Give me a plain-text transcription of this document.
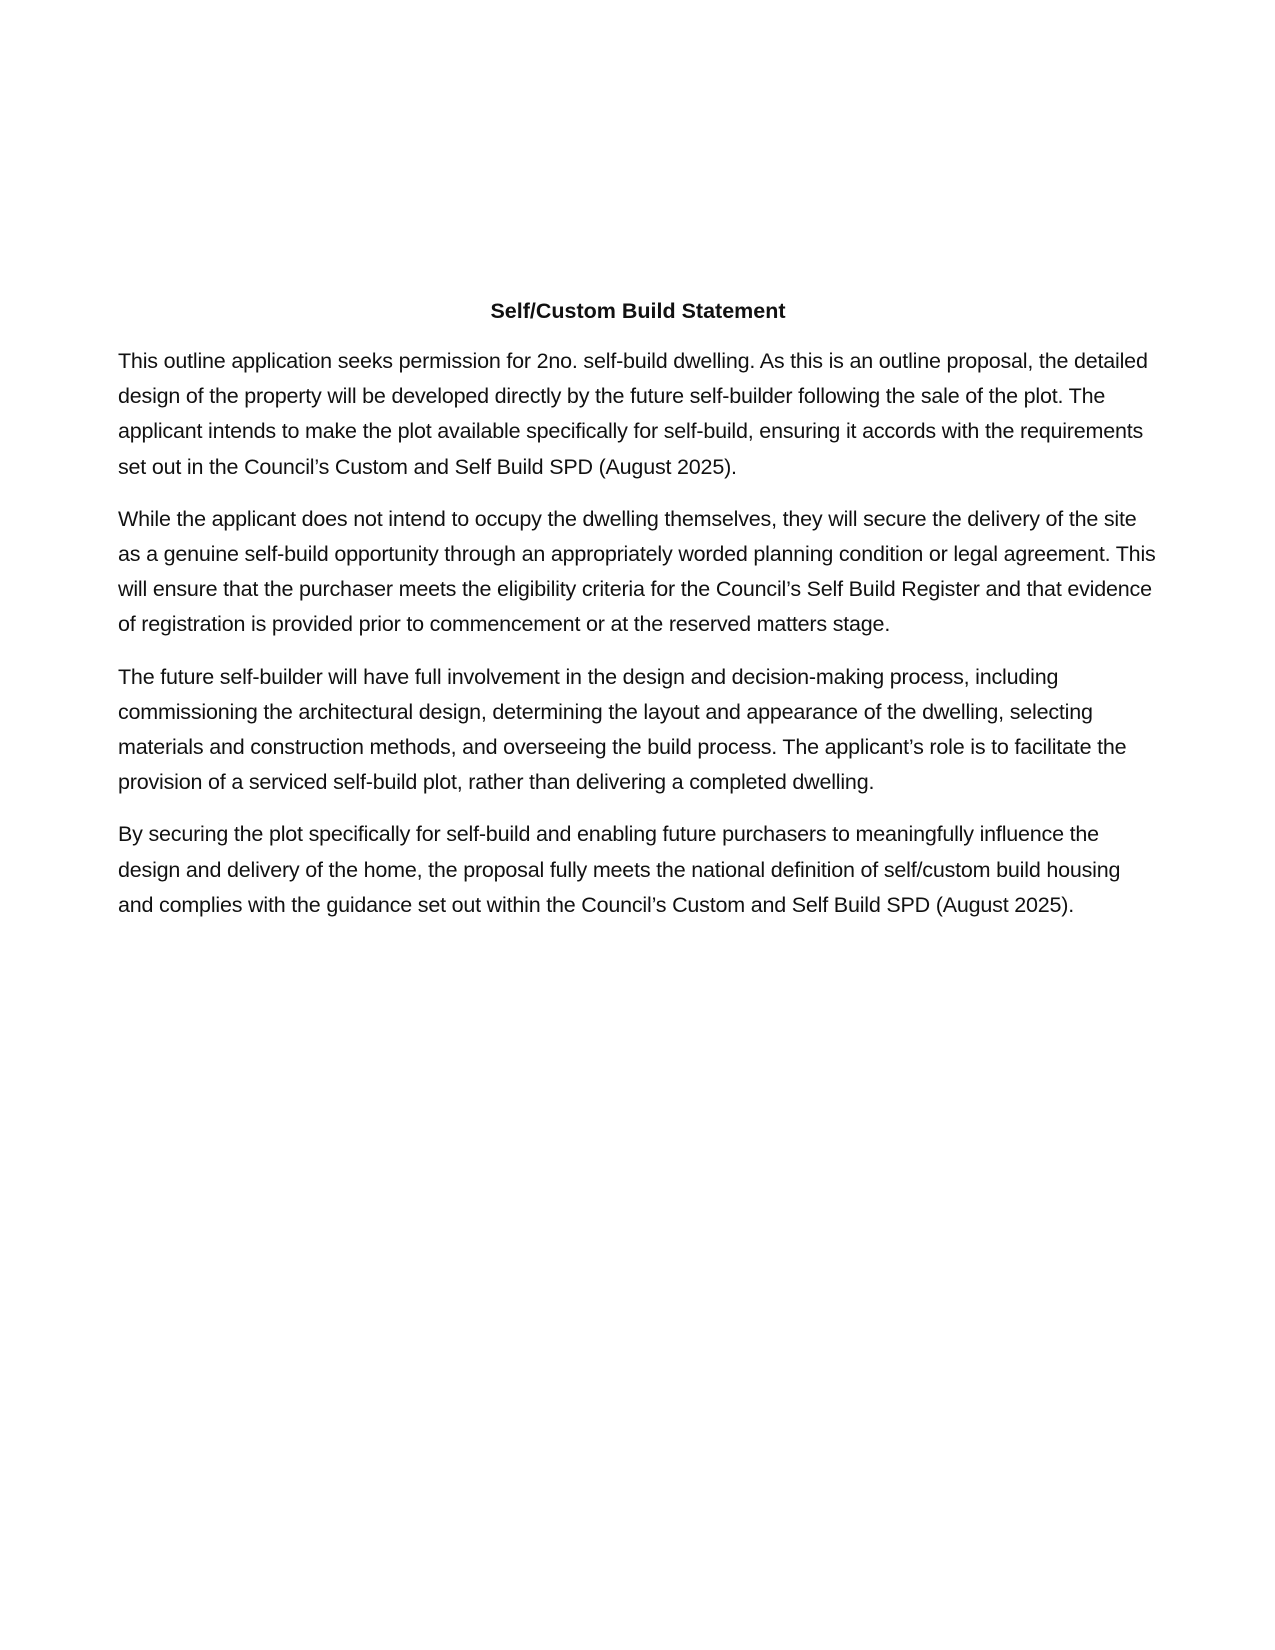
Self/Custom Build Statement

This outline application seeks permission for 2no. self-build dwelling. As this is an outline proposal, the detailed design of the property will be developed directly by the future self-builder following the sale of the plot. The applicant intends to make the plot available specifically for self-build, ensuring it accords with the requirements set out in the Council’s Custom and Self Build SPD (August 2025).

While the applicant does not intend to occupy the dwelling themselves, they will secure the delivery of the site as a genuine self-build opportunity through an appropriately worded planning condition or legal agreement. This will ensure that the purchaser meets the eligibility criteria for the Council’s Self Build Register and that evidence of registration is provided prior to commencement or at the reserved matters stage.

The future self-builder will have full involvement in the design and decision-making process, including commissioning the architectural design, determining the layout and appearance of the dwelling, selecting materials and construction methods, and overseeing the build process. The applicant’s role is to facilitate the provision of a serviced self-build plot, rather than delivering a completed dwelling.

By securing the plot specifically for self-build and enabling future purchasers to meaningfully influence the design and delivery of the home, the proposal fully meets the national definition of self/custom build housing and complies with the guidance set out within the Council’s Custom and Self Build SPD (August 2025).
